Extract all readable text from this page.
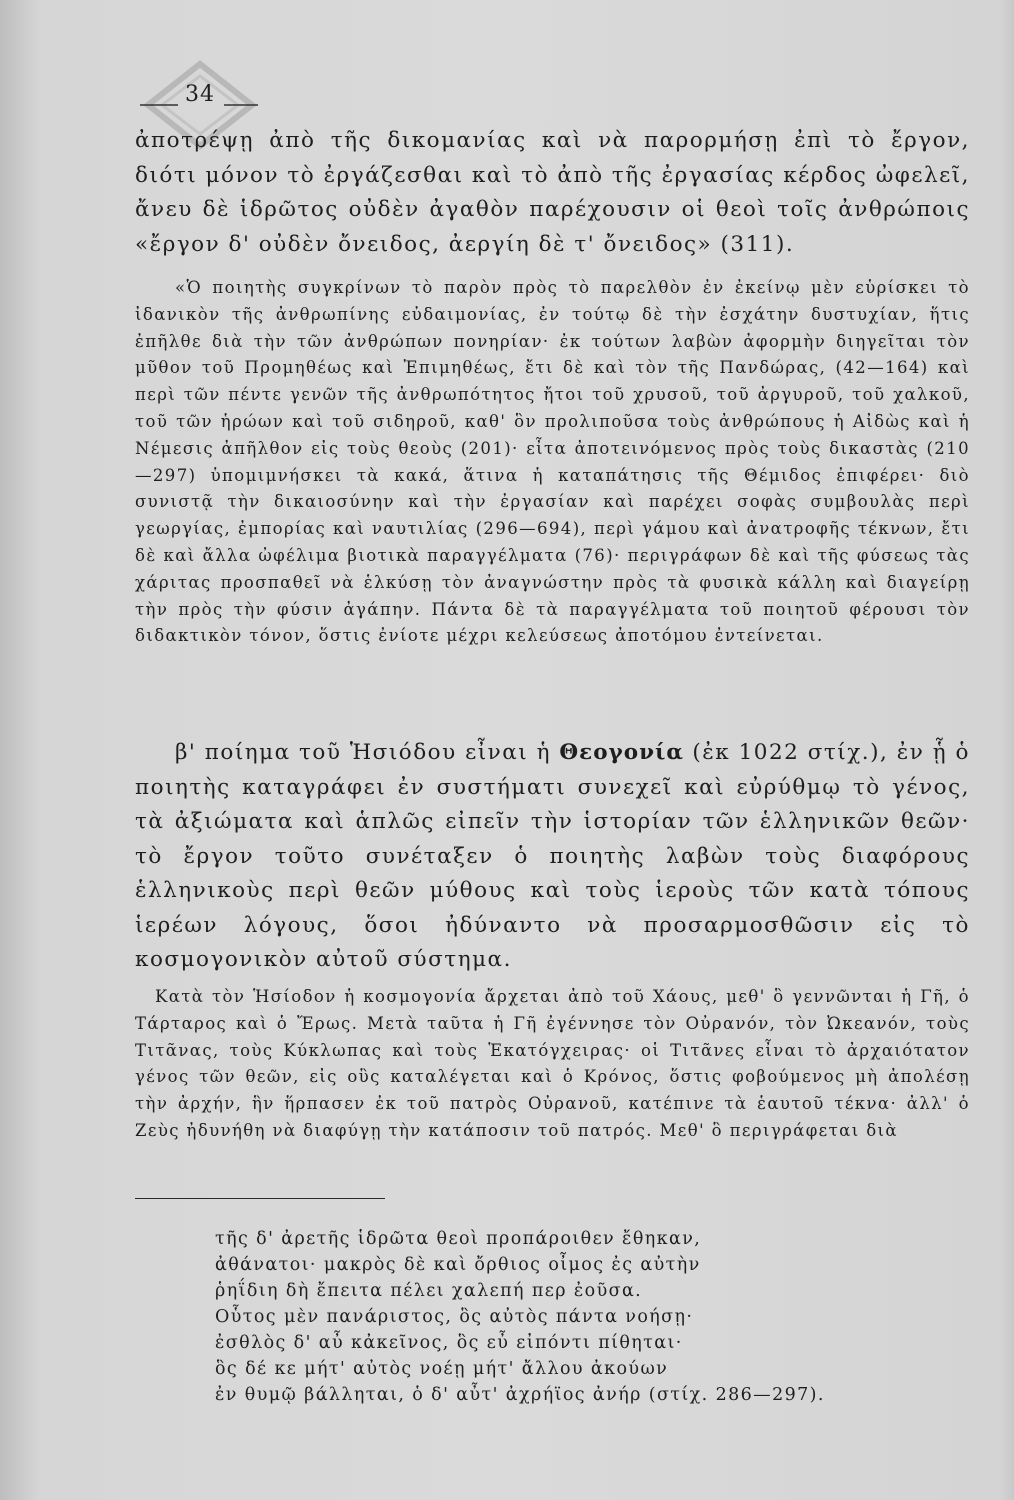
34

ἀποτρέψῃ ἀπὸ τῆς δικομανίας καὶ νὰ παρορμήσῃ ἐπὶ τὸ ἔργον, διότι μόνον τὸ ἐργάζεσθαι καὶ τὸ ἀπὸ τῆς ἐργασίας κέρδος ὠφελεῖ, ἄνευ δὲ ἱδρῶτος οὐδὲν ἀγαθὸν παρέχουσιν οἱ θεοὶ τοῖς ἀνθρώποις «ἔργον δ' οὐδὲν ὄνειδος, ἀεργίη δὲ τ' ὄνειδος» (311).

«Ὁ ποιητὴς συγκρίνων τὸ παρὸν πρὸς τὸ παρελθὸν ἐν ἐκείνῳ μὲν εὑρίσκει τὸ ἰδανικὸν τῆς ἀνθρωπίνης εὐδαιμονίας, ἐν τούτῳ δὲ τὴν ἐσχάτην δυστυχίαν, ἥτις ἐπῆλθε διὰ τὴν τῶν ἀνθρώπων πονηρίαν· ἐκ τούτων λαβὼν ἀφορμὴν διηγεῖται τὸν μῦθον τοῦ Προμηθέως καὶ Ἐπιμηθέως, ἔτι δὲ καὶ τὸν τῆς Πανδώρας, (42—164) καὶ περὶ τῶν πέντε γενῶν τῆς ἀνθρωπότητος ἤτοι τοῦ χρυσοῦ, τοῦ ἀργυροῦ, τοῦ χαλκοῦ, τοῦ τῶν ἡρώων καὶ τοῦ σιδηροῦ, καθ' ὃν προλιποῦσα τοὺς ἀνθρώπους ἡ Αἰδὼς καὶ ἡ Νέμεσις ἀπῆλθον εἰς τοὺς θεοὺς (201)· εἶτα ἀποτεινόμενος πρὸς τοὺς δικαστὰς (210—297) ὑπομιμνήσκει τὰ κακά, ἅτινα ἡ καταπάτησις τῆς Θέμιδος ἐπιφέρει· διὸ συνιστᾷ τὴν δικαιοσύνην καὶ τὴν ἐργασίαν καὶ παρέχει σοφὰς συμβουλὰς περὶ γεωργίας, ἐμπορίας καὶ ναυτιλίας (296—694), περὶ γάμου καὶ ἀνατροφῆς τέκνων, ἔτι δὲ καὶ ἄλλα ὠφέλιμα βιοτικὰ παραγγέλματα (76)· περιγράφων δὲ καὶ τῆς φύσεως τὰς χάριτας προσπαθεῖ νὰ ἑλκύσῃ τὸν ἀναγνώστην πρὸς τὰ φυσικὰ κάλλη καὶ διαγείρῃ τὴν πρὸς τὴν φύσιν ἀγάπην. Πάντα δὲ τὰ παραγγέλματα τοῦ ποιητοῦ φέρουσι τὸν διδακτικὸν τόνον, ὅστις ἐνίοτε μέχρι κελεύσεως ἀποτόμου ἐντείνεται.

β' ποίημα τοῦ Ἡσιόδου εἶναι ἡ Θεογονία (ἐκ 1022 στίχ.), ἐν ᾗ ὁ ποιητὴς καταγράφει ἐν συστήματι συνεχεῖ καὶ εὐρύθμῳ τὸ γένος, τὰ ἀξιώματα καὶ ἁπλῶς εἰπεῖν τὴν ἱστορίαν τῶν ἑλληνικῶν θεῶν· τὸ ἔργον τοῦτο συνέταξεν ὁ ποιητὴς λαβὼν τοὺς διαφόρους ἑλληνικοὺς περὶ θεῶν μύθους καὶ τοὺς ἱεροὺς τῶν κατὰ τόπους ἱερέων λόγους, ὅσοι ἠδύναντο νὰ προσαρμοσθῶσιν εἰς τὸ κοσμογονικὸν αὐτοῦ σύστημα.

Κατὰ τὸν Ἡσίοδον ἡ κοσμογονία ἄρχεται ἀπὸ τοῦ Χάους, μεθ' ὃ γεννῶνται ἡ Γῆ, ὁ Τάρταρος καὶ ὁ Ἔρως. Μετὰ ταῦτα ἡ Γῆ ἐγέννησε τὸν Οὐρανόν, τὸν Ὠκεανόν, τοὺς Τιτᾶνας, τοὺς Κύκλωπας καὶ τοὺς Ἑκατόγχειρας· οἱ Τιτᾶνες εἶναι τὸ ἀρχαιότατον γένος τῶν θεῶν, εἰς οὓς καταλέγεται καὶ ὁ Κρόνος, ὅστις φοβούμενος μὴ ἀπολέσῃ τὴν ἀρχήν, ἣν ἥρπασεν ἐκ τοῦ πατρὸς Οὐρανοῦ, κατέπινε τὰ ἑαυτοῦ τέκνα· ἀλλ' ὁ Ζεὺς ἠδυνήθη νὰ διαφύγῃ τὴν κατάποσιν τοῦ πατρός. Μεθ' ὃ περιγράφεται διὰ

τῆς δ' ἀρετῆς ἱδρῶτα θεοὶ προπάροιθεν ἔθηκαν,
ἀθάνατοι· μακρὸς δὲ καὶ ὄρθιος οἶμος ἐς αὐτὴν
ῥηΐδιη δὴ ἔπειτα πέλει χαλεπή περ ἐοῦσα.
Οὗτος μὲν πανάριστος, ὃς αὐτὸς πάντα νοήσῃ·
ἐσθλὸς δ' αὖ κἀκεῖνος, ὃς εὖ εἰπόντι πίθηται·
ὃς δέ κε μήτ' αὐτὸς νοέῃ μήτ' ἄλλου ἀκούων
ἐν θυμῷ βάλληται, ὁ δ' αὖτ' ἀχρήϊος ἀνήρ (στίχ. 286—297).
